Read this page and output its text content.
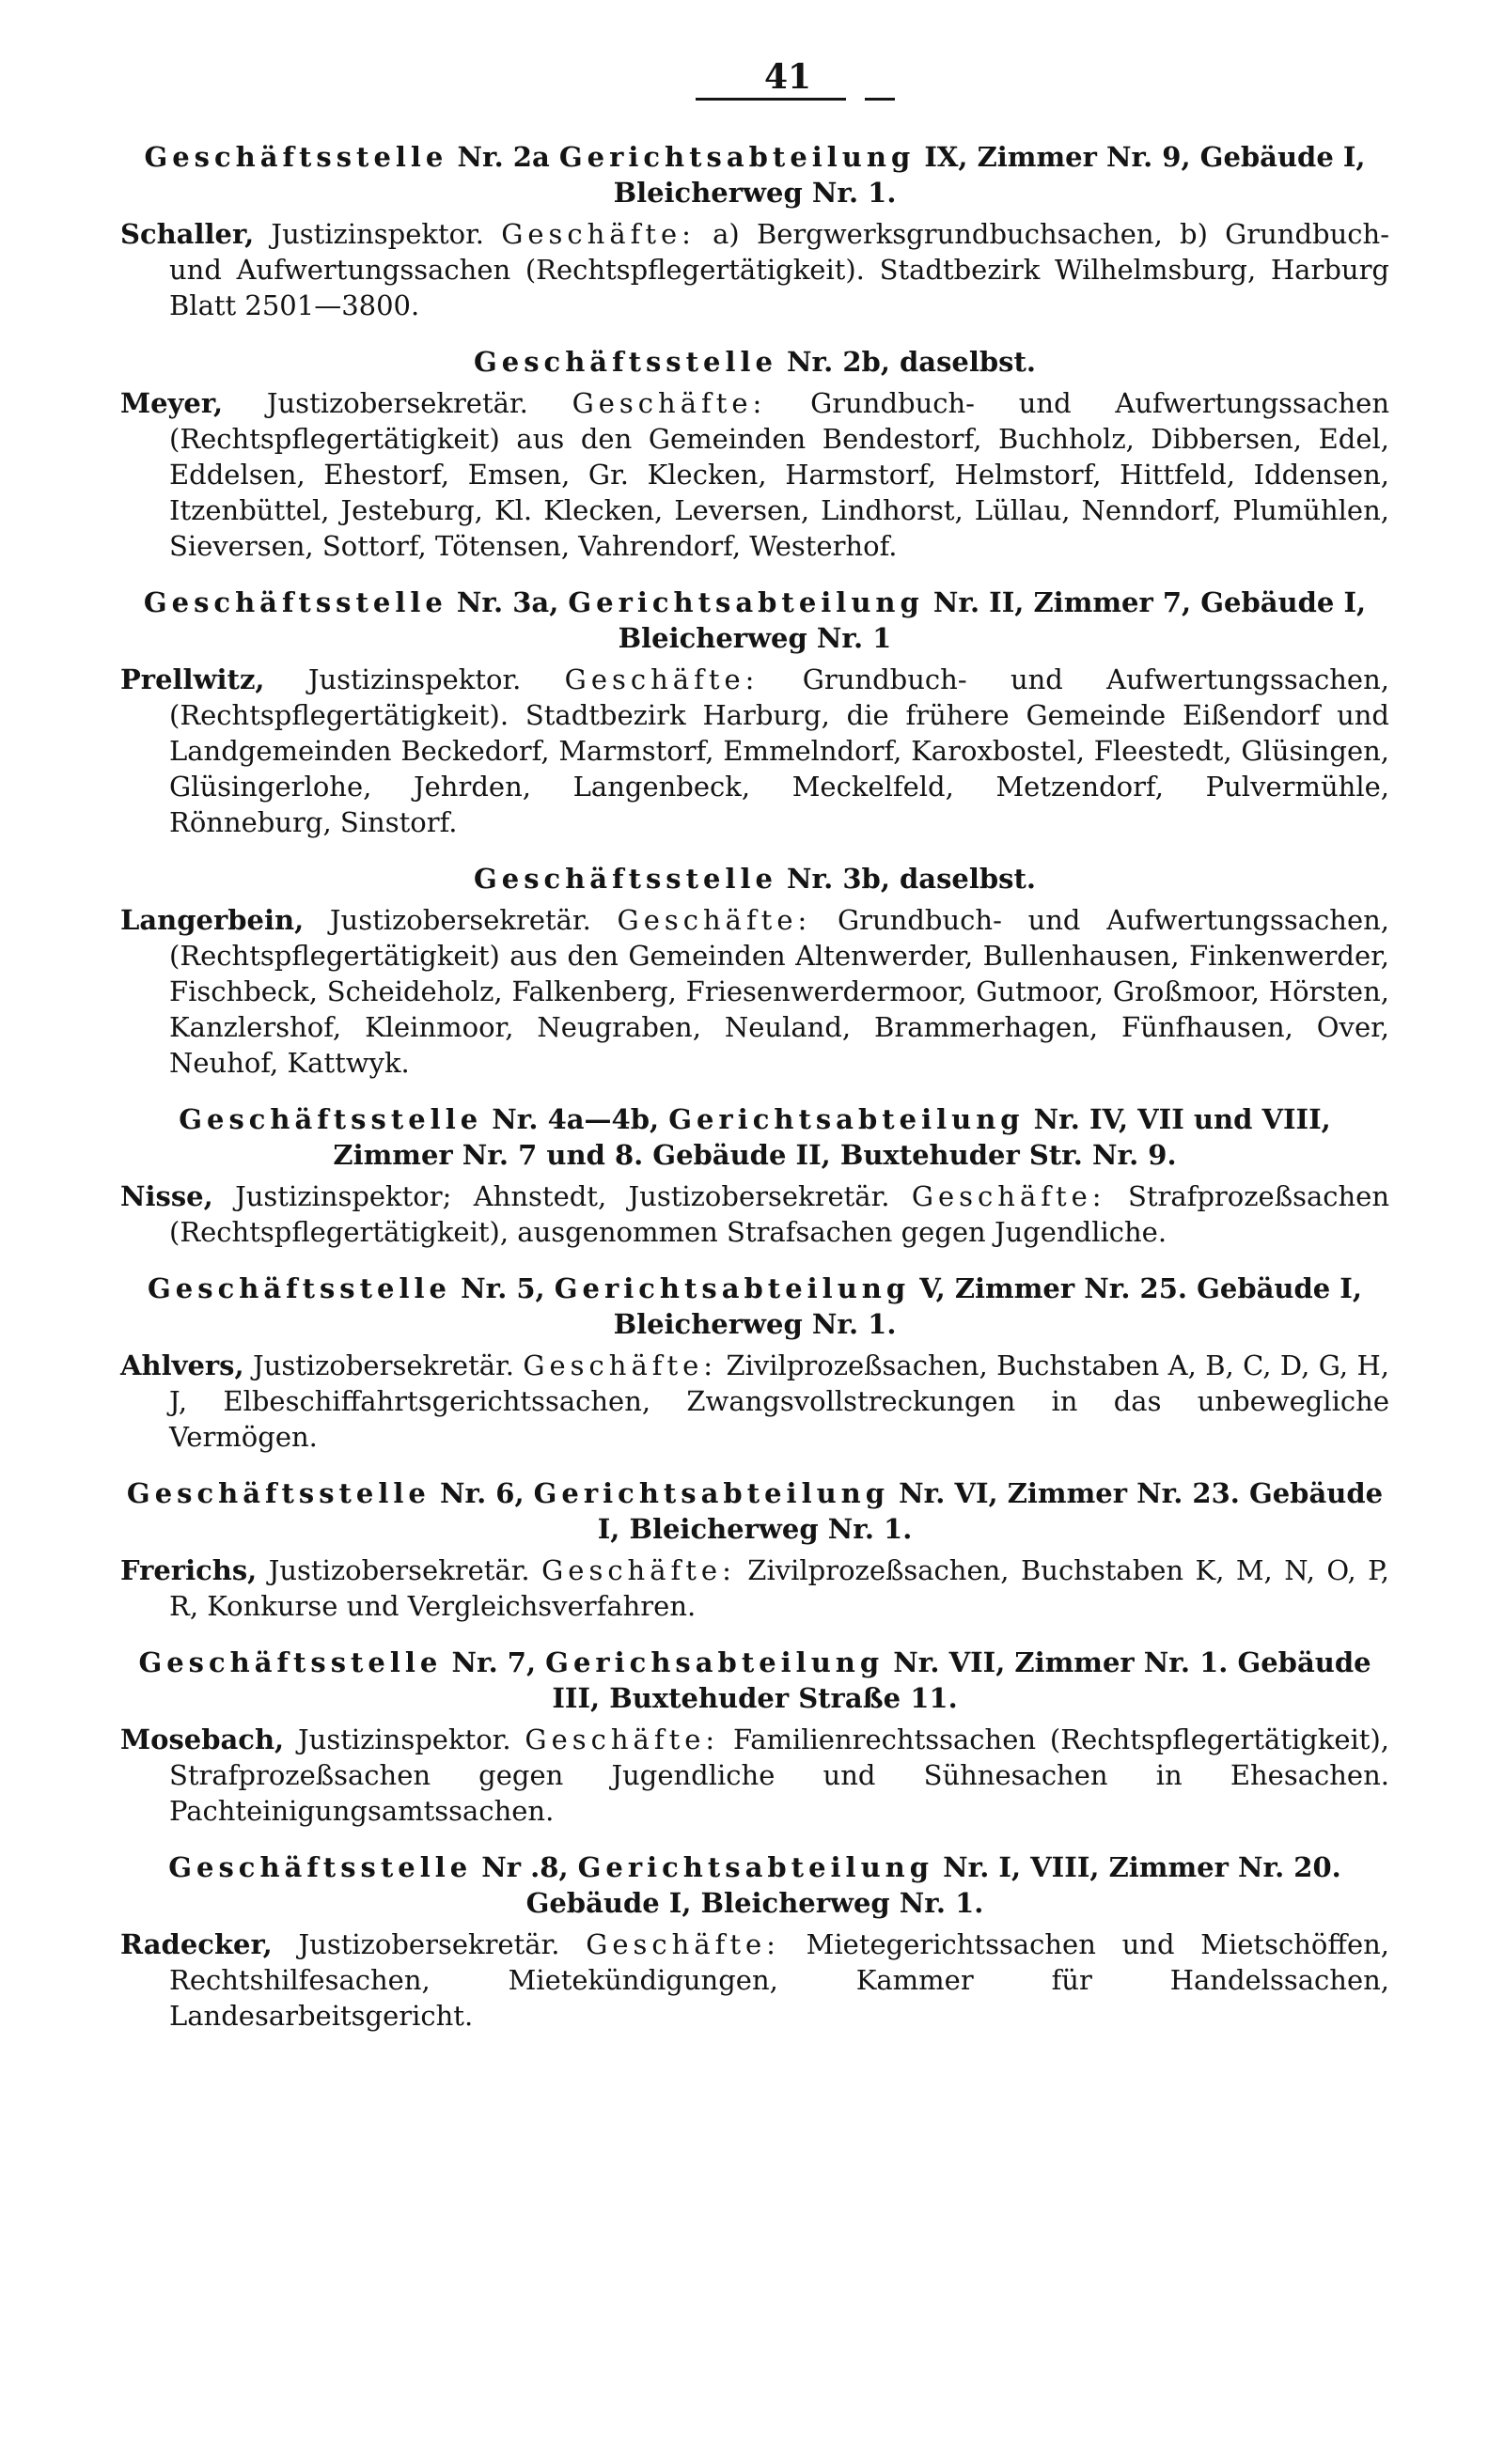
41
Geschäftsstelle Nr. 2a Gerichtsabteilung IX, Zimmer Nr. 9, Gebäude I, Bleicherweg Nr. 1.
Schaller, Justizinspektor. Geschäfte: a) Bergwerksgrundbuchsachen, b) Grundbuch- und Aufwertungssachen (Rechtspflegertätigkeit). Stadtbezirk Wilhelmsburg, Harburg Blatt 2501—3800.
Geschäftsstelle Nr. 2b, daselbst.
Meyer, Justizobersekretär. Geschäfte: Grundbuch- und Aufwertungssachen (Rechtspflegertätigkeit) aus den Gemeinden Bendestorf, Buchholz, Dibbersen, Edel, Eddelsen, Ehestorf, Emsen, Gr. Klecken, Harmstorf, Helmstorf, Hittfeld, Iddensen, Itzenbüttel, Jesteburg, Kl. Klecken, Leversen, Lindhorst, Lüllau, Nenndorf, Plumühlen, Sieversen, Sottorf, Tötensen, Vahrendorf, Westerhof.
Geschäftsstelle Nr. 3a, Gerichtsabteilung Nr. II, Zimmer 7, Gebäude I, Bleicherweg Nr. 1
Prellwitz, Justizinspektor. Geschäfte: Grundbuch- und Aufwertungssachen, (Rechtspflegertätigkeit). Stadtbezirk Harburg, die frühere Gemeinde Eißendorf und Landgemeinden Beckedorf, Marmstorf, Emmelndorf, Karoxbostel, Fleestedt, Glüsingen, Glüsingerlohe, Jehrden, Langenbeck, Meckelfeld, Metzendorf, Pulvermühle, Rönneburg, Sinstorf.
Geschäftsstelle Nr. 3b, daselbst.
Langerbein, Justizobersekretär. Geschäfte: Grundbuch- und Aufwertungssachen, (Rechtspflegertätigkeit) aus den Gemeinden Altenwerder, Bullenhausen, Finkenwerder, Fischbeck, Scheideholz, Falkenberg, Friesenwerdermoor, Gutmoor, Großmoor, Hörsten, Kanzlershof, Kleinmoor, Neugraben, Neuland, Brammerhagen, Fünfhausen, Over, Neuhof, Kattwyk.
Geschäftsstelle Nr. 4a—4b, Gerichtsabteilung Nr. IV, VII und VIII, Zimmer Nr. 7 und 8. Gebäude II, Buxtehuder Str. Nr. 9.
Nisse, Justizinspektor; Ahnstedt, Justizobersekretär. Geschäfte: Strafprozeßsachen (Rechtspflegertätigkeit), ausgenommen Strafsachen gegen Jugendliche.
Geschäftsstelle Nr. 5, Gerichtsabteilung V, Zimmer Nr. 25. Gebäude I, Bleicherweg Nr. 1.
Ahlvers, Justizobersekretär. Geschäfte: Zivilprozeßsachen, Buchstaben A, B, C, D, G, H, J, Elbeschiffahrtsgerichtssachen, Zwangsvollstreckungen in das unbewegliche Vermögen.
Geschäftsstelle Nr. 6, Gerichtsabteilung Nr. VI, Zimmer Nr. 23. Gebäude I, Bleicherweg Nr. 1.
Frerichs, Justizobersekretär. Geschäfte: Zivilprozeßsachen, Buchstaben K, M, N, O, P, R, Konkurse und Vergleichsverfahren.
Geschäftsstelle Nr. 7, Gerichsabteilung Nr. VII, Zimmer Nr. 1. Gebäude III, Buxtehuder Straße 11.
Mosebach, Justizinspektor. Geschäfte: Familienrechtssachen (Rechtspflegertätigkeit), Strafprozeßsachen gegen Jugendliche und Sühnesachen in Ehesachen. Pachteinigungsamtssachen.
Geschäftsstelle Nr .8, Gerichtsabteilung Nr. I, VIII, Zimmer Nr. 20. Gebäude I, Bleicherweg Nr. 1.
Radecker, Justizobersekretär. Geschäfte: Mietegerichtssachen und Mietschöffen, Rechtshilfesachen, Mietekündigungen, Kammer für Handelssachen, Landesarbeitsgericht.
